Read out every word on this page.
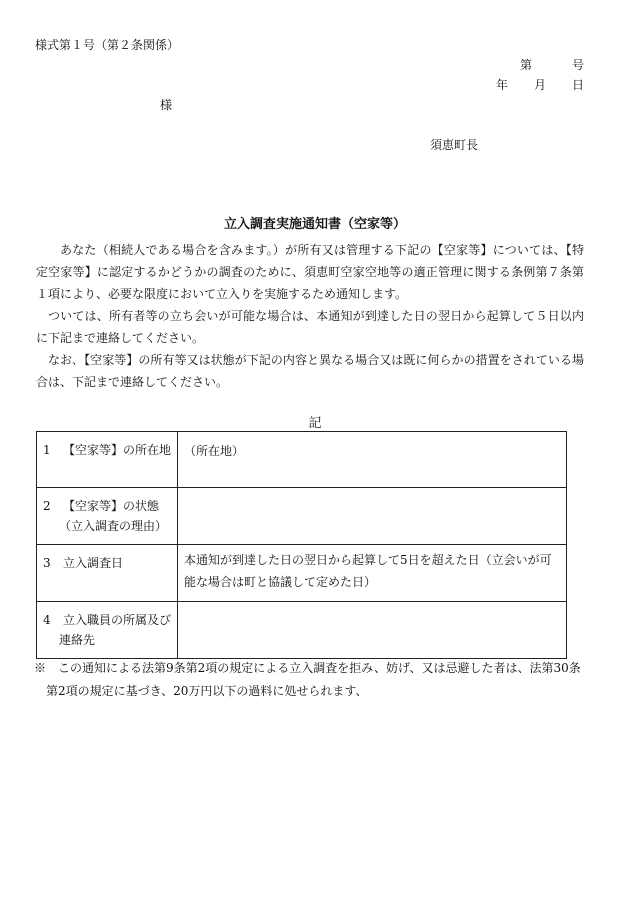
様式第１号（第２条関係）
第	号
年 月 日
様
須恵町長
立入調査実施通知書（空家等）
あなた（相続人である場合を含みます。）が所有又は管理する下記の【空家等】については、【特定空家等】に認定するかどうかの調査のために、須恵町空家空地等の適正管理に関する条例第７条第１項により、必要な限度において立入りを実施するため通知します。
ついては、所有者等の立ち会いが可能な場合は、本通知が到達した日の翌日から起算して５日以内に下記まで連絡してください。
なお､【空家等】の所有等又は状態が下記の内容と異なる場合又は既に何らかの措置をされている場合は、下記まで連絡してください。
記
1 【空家等】の所在地	（所在地）

2 【空家等】の状態
（立入調査の理由）	

3 立入調査日	本通知が到達した日の翌日から起算して5日を超えた日（立会いが可能な場合は町と協議して定めた日）

4 立入職員の所属及び
連絡先	

※　この通知による法第9条第2項の規定による立入調査を拒み、妨げ、又は忌避した者は、法第30条
第2項の規定に基づき、20万円以下の過料に処せられます、
